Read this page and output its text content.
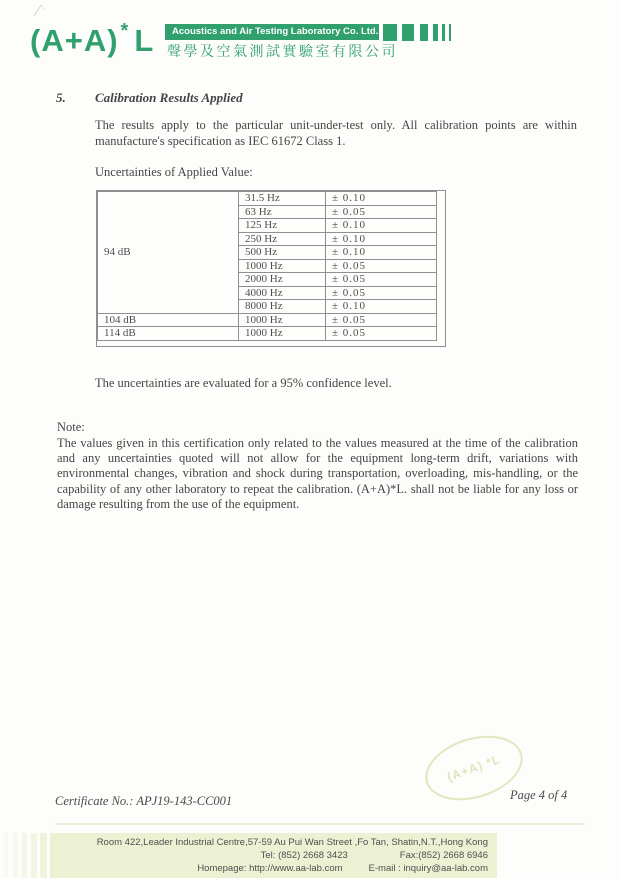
(A+A) * L	Acoustics and Air Testing Laboratory Co. Ltd.
聲學及空氣測試實驗室有限公司
5. Calibration Results Applied
The results apply to the particular unit-under-test only. All calibration points are within manufacture's specification as IEC 61672 Class 1.
Uncertainties of Applied Value:
94 dB	31.5 Hz	± 0.10
	63 Hz	± 0.05
	125 Hz	± 0.10
	250 Hz	± 0.10
	500 Hz	± 0.10
	1000 Hz	± 0.05
	2000 Hz	± 0.05
	4000 Hz	± 0.05
	8000 Hz	± 0.10
104 dB	1000 Hz	± 0.05
114 dB	1000 Hz	± 0.05
The uncertainties are evaluated for a 95% confidence level.
Note:
The values given in this certification only related to the values measured at the time of the calibration and any uncertainties quoted will not allow for the equipment long-term drift, variations with environmental changes, vibration and shock during transportation, overloading, mis-handling, or the capability of any other laboratory to repeat the calibration. (A+A)*L. shall not be liable for any loss or damage resulting from the use of the equipment.
(A+A) *L
Page 4 of 4
Certificate No.: APJ19-143-CC001
Room 422,Leader Industrial Centre,57-59 Au Pui Wan Street ,Fo Tan, Shatin,N.T.,Hong Kong
Tel: (852) 2668 3423	Fax:(852) 2668 6946
Homepage: http://www.aa-lab.com	E-mail : inquiry@aa-lab.com
